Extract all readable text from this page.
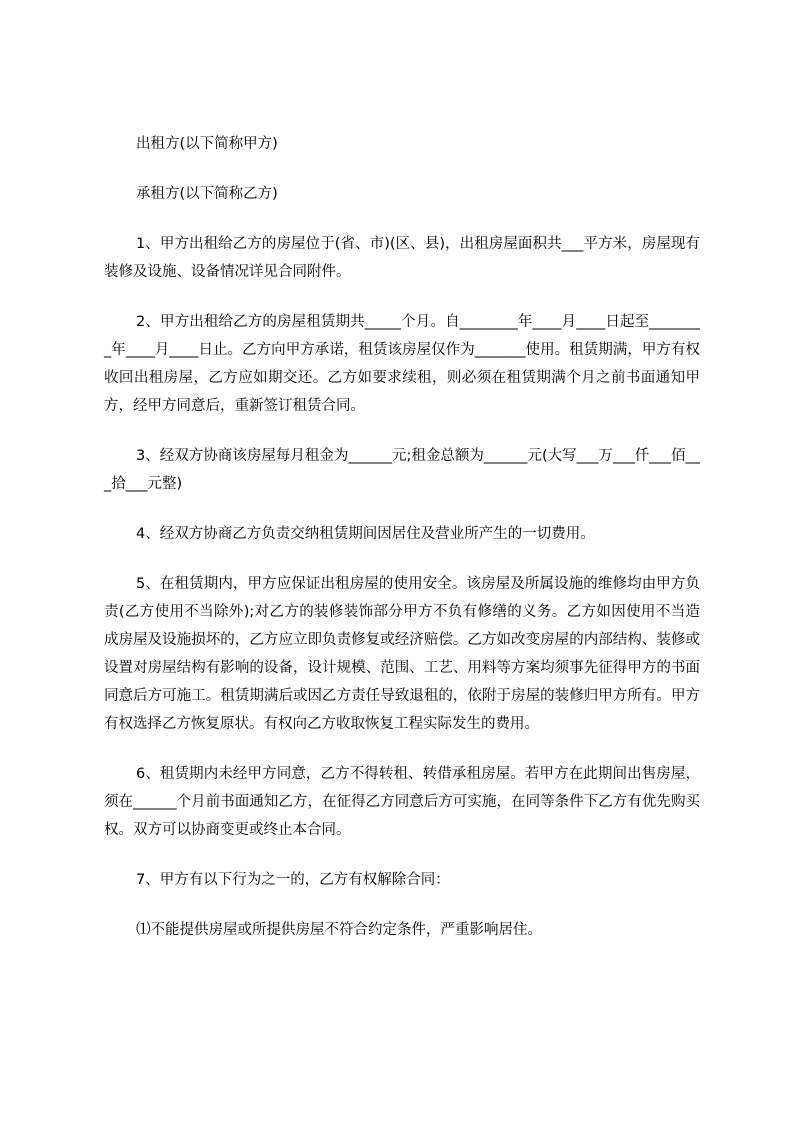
出租方(以下简称甲方)

承租方(以下简称乙方)

1、甲方出租给乙方的房屋位于(省、市)(区、县)，出租房屋面积共___平方米，房屋现有装修及设施、设备情况详见合同附件。

2、甲方出租给乙方的房屋租赁期共_____个月。自________年____月____日起至________年____月____日止。乙方向甲方承诺，租赁该房屋仅作为_______使用。租赁期满，甲方有权收回出租房屋，乙方应如期交还。乙方如要求续租，则必须在租赁期满个月之前书面通知甲方，经甲方同意后，重新签订租赁合同。

3、经双方协商该房屋每月租金为______元;租金总额为______元(大写___万___仟___佰___拾___元整)

4、经双方协商乙方负责交纳租赁期间因居住及营业所产生的一切费用。

5、在租赁期内，甲方应保证出租房屋的使用安全。该房屋及所属设施的维修均由甲方负责(乙方使用不当除外);对乙方的装修装饰部分甲方不负有修缮的义务。乙方如因使用不当造成房屋及设施损坏的，乙方应立即负责修复或经济赔偿。乙方如改变房屋的内部结构、装修或设置对房屋结构有影响的设备，设计规模、范围、工艺、用料等方案均须事先征得甲方的书面同意后方可施工。租赁期满后或因乙方责任导致退租的，依附于房屋的装修归甲方所有。甲方有权选择乙方恢复原状。有权向乙方收取恢复工程实际发生的费用。

6、租赁期内未经甲方同意，乙方不得转租、转借承租房屋。若甲方在此期间出售房屋，须在______个月前书面通知乙方，在征得乙方同意后方可实施，在同等条件下乙方有优先购买权。双方可以协商变更或终止本合同。

7、甲方有以下行为之一的，乙方有权解除合同：

⑴不能提供房屋或所提供房屋不符合约定条件，严重影响居住。
